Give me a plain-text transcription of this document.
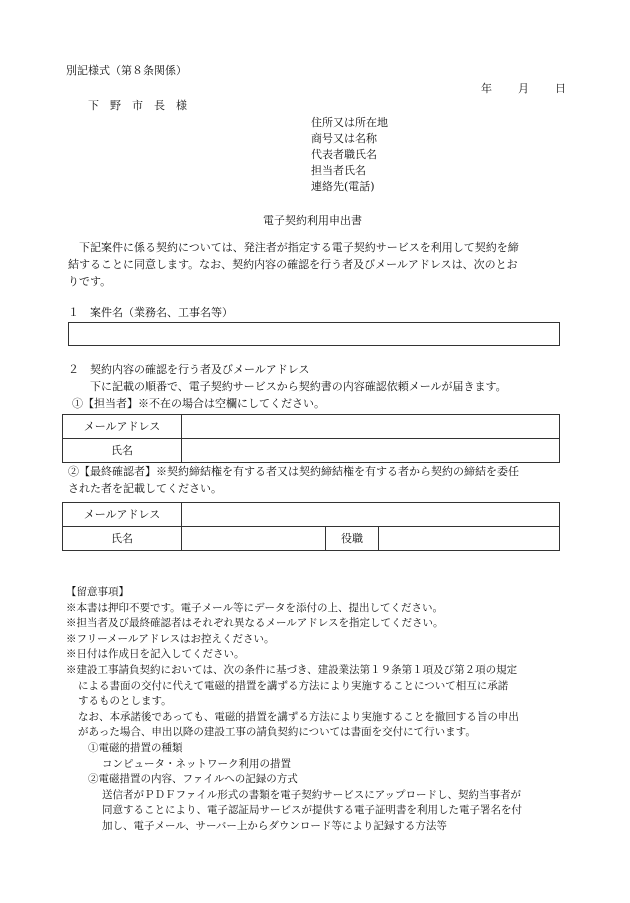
別記様式（第８条関係）
年 月 日
下　野　市　長　様
住所又は所在地
商号又は名称
代表者職氏名
担当者氏名
連絡先(電話)
電子契約利用申出書
　下記案件に係る契約については、発注者が指定する電子契約サービスを利用して契約を締
結することに同意します。なお、契約内容の確認を行う者及びメールアドレスは、次のとお
りです。
１　案件名（業務名、工事名等）
２　契約内容の確認を行う者及びメールアドレス
下に記載の順番で、電子契約サービスから契約書の内容確認依頼メールが届きます。
①【担当者】※不在の場合は空欄にしてください。
メールアドレス	
氏名	
②【最終確認者】※契約締結権を有する者又は契約締結権を有する者から契約の締結を委任
された者を記載してください。
メールアドレス			
氏名		役職	
【留意事項】
※本書は押印不要です。電子メール等にデータを添付の上、提出してください。
※担当者及び最終確認者はそれぞれ異なるメールアドレスを指定してください。
※フリーメールアドレスはお控えください。
※日付は作成日を記入してください。
※建設工事請負契約においては、次の条件に基づき、建設業法第１９条第１項及び第２項の規定
による書面の交付に代えて電磁的措置を講ずる方法により実施することについて相互に承諾
するものとします。
なお、本承諾後であっても、電磁的措置を講ずる方法により実施することを撤回する旨の申出
があった場合、申出以降の建設工事の請負契約については書面を交付にて行います。
①電磁的措置の種類
コンピュータ・ネットワーク利用の措置
②電磁措置の内容、ファイルへの記録の方式
送信者がＰＤＦファイル形式の書類を電子契約サービスにアップロードし、契約当事者が
同意することにより、電子認証局サービスが提供する電子証明書を利用した電子署名を付
加し、電子メール、サーバー上からダウンロード等により記録する方法等
